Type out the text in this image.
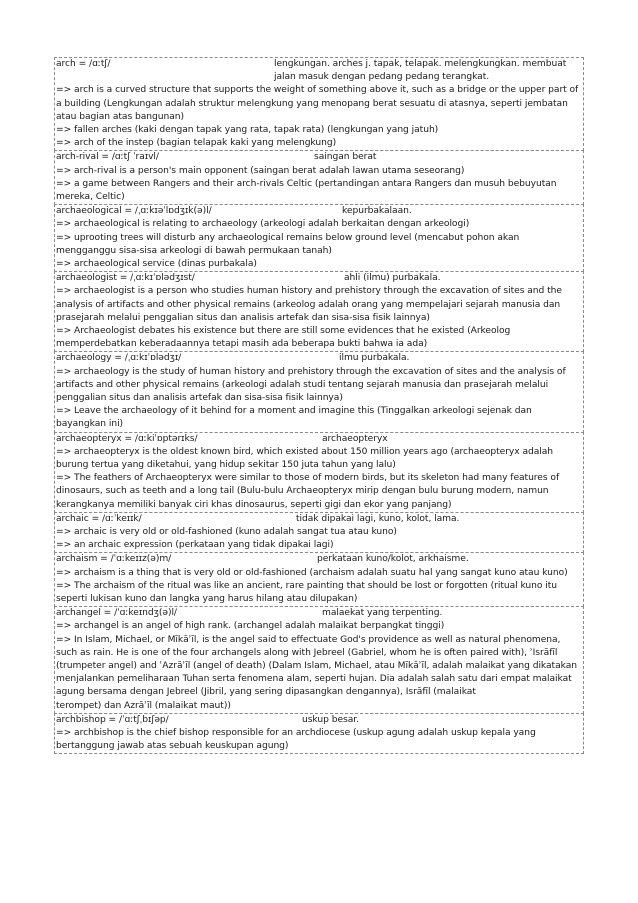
arch = /ɑːtʃ/	lengkungan. arches j. tapak, telapak. melengkungkan. membuat jalan masuk dengan pedang pedang terangkat.
=> arch is a curved structure that supports the weight of something above it, such as a bridge or the upper part of a building (Lengkungan adalah struktur melengkung yang menopang berat sesuatu di atasnya, seperti jembatan atau bagian atas bangunan)
=> fallen arches (kaki dengan tapak yang rata, tapak rata) (lengkungan yang jatuh)
=> arch of the instep (bagian telapak kaki yang melengkung)
arch-rival = /ɑːtʃ ˈraɪvl/	saingan berat
=> arch-rival is a person's main opponent (saingan berat adalah lawan utama seseorang)
=> a game between Rangers and their arch-rivals Celtic (pertandingan antara Rangers dan musuh bebuyutan mereka, Celtic)
archaeological = /ˌɑːkɪəˈlɒdʒɪk(ə)l/	kepurbakalaan.
=> archaeological is relating to archaeology (arkeologi adalah berkaitan dengan arkeologi)
=> uprooting trees will disturb any archaeological remains below ground level (mencabut pohon akan mengganggu sisa-sisa arkeologi di bawah permukaan tanah)
=> archaeological service (dinas purbakala)
archaeologist = /ˌɑːkɪˈɒlədʒɪst/	ahli (ilmu) purbakala.
=> archaeologist is a person who studies human history and prehistory through the excavation of sites and the analysis of artifacts and other physical remains (arkeolog adalah orang yang mempelajari sejarah manusia dan prasejarah melalui penggalian situs dan analisis artefak dan sisa-sisa fisik lainnya)
=> Archaeologist debates his existence but there are still some evidences that he existed (Arkeolog memperdebatkan keberadaannya tetapi masih ada beberapa bukti bahwa ia ada)
archaeology = /ˌɑːkɪˈɒlədʒɪ/	ilmu purbakala.
=> archaeology is the study of human history and prehistory through the excavation of sites and the analysis of artifacts and other physical remains (arkeologi adalah studi tentang sejarah manusia dan prasejarah melalui penggalian situs dan analisis artefak dan sisa-sisa fisik lainnya)
=> Leave the archaeology of it behind for a moment and imagine this (Tinggalkan arkeologi sejenak dan bayangkan ini)
archaeopteryx = /ɑːkiˈɒptərɪks/	archaeopteryx
=> archaeopteryx is the oldest known bird, which existed about 150 million years ago (archaeopteryx adalah burung tertua yang diketahui, yang hidup sekitar 150 juta tahun yang lalu)
=> The feathers of Archaeopteryx were similar to those of modern birds, but its skeleton had many features of dinosaurs, such as teeth and a long tail (Bulu-bulu Archaeopteryx mirip dengan bulu burung modern, namun kerangkanya memiliki banyak ciri khas dinosaurus, seperti gigi dan ekor yang panjang)
archaic = /ɑːˈkeɪɪk/	tidak dipakai lagi, kuno, kolot, lama.
=> archaic is very old or old-fashioned (kuno adalah sangat tua atau kuno)
=> an archaic expression (perkataan yang tidak dipakai lagi)
archaism = /ˈɑːkeɪɪz(ə)m/	perkataan kuno/kolot, arkhaisme.
=> archaism is a thing that is very old or old-fashioned (archaism adalah suatu hal yang sangat kuno atau kuno)
=> The archaism of the ritual was like an ancient, rare painting that should be lost or forgotten (ritual kuno itu seperti lukisan kuno dan langka yang harus hilang atau dilupakan)
archangel = /ˈɑːkeɪndʒ(ə)l/	malaekat yang terpenting.
=> archangel is an angel of high rank. (archangel adalah malaikat berpangkat tinggi)
=> In Islam, Michael, or Mīkāʾīl, is the angel said to effectuate God's providence as well as natural phenomena, such as rain. He is one of the four archangels along with Jebreel (Gabriel, whom he is often paired with), ʾIsrāfīl (trumpeter angel) and ʿAzrāʾīl (angel of death) (Dalam Islam, Michael, atau Mīkāʾīl, adalah malaikat yang dikatakan menjalankan pemeliharaan Tuhan serta fenomena alam, seperti hujan. Dia adalah salah satu dari empat malaikat agung bersama dengan Jebreel (Jibril, yang sering dipasangkan dengannya), Isrāfīl (malaikat
terompet) dan Azrāʾīl (malaikat maut))
archbishop = /ˈɑːtʃˌbɪʃəp/	uskup besar.
=> archbishop is the chief bishop responsible for an archdiocese (uskup agung adalah uskup kepala yang bertanggung jawab atas sebuah keuskupan agung)
